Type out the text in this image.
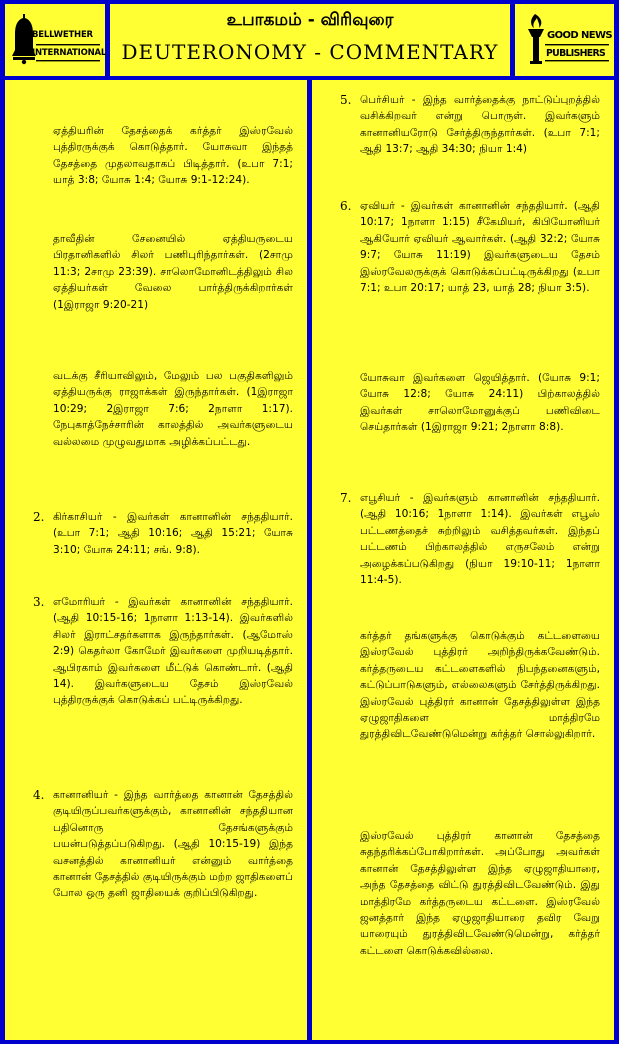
BELLWETHER
INTERNATIONAL
உபாகமம் - விரிவுரை
DEUTERONOMY - COMMENTARY
GOOD NEWS
PUBLISHERS

ஏத்தியரின் தேசத்தைக் கர்த்தர் இஸ்ரவேல் புத்திரருக்குக் கொடுத்தார். யோசுவா இந்தத் தேசத்தை முதலாவதாகப் பிடித்தார். (உபா 7:1; யாத் 3:8; யோசு 1:4; யோசு 9:1-12:24).

தாவீதின் சேனையில் ஏத்தியருடைய பிரதானிகளில் சிலர் பணிபுரிந்தார்கள். (2சாமு 11:3; 2சாமு 23:39). சாலொமோனிடத்திலும் சில ஏத்தியர்கள் வேலை பார்த்திருக்கிறார்கள் (1இராஜா 9:20-21)

வடக்கு சீரியாவிலும், மேலும் பல பகுதிகளிலும் ஏத்தியருக்கு ராஜாக்கள் இருந்தார்கள். (1இராஜா 10:29; 2இராஜா 7:6; 2நாளா 1:17). நேபுகாத்நேச்சாரின் காலத்தில் அவர்களுடைய வல்லமை முழுவதுமாக அழிக்கப்பட்டது.

2. கிர்காசியர் - இவர்கள் கானானின் சந்ததியார். (உபா 7:1; ஆதி 10:16; ஆதி 15:21; யோசு 3:10; யோசு 24:11; சங். 9:8).

3. எமோரியர் - இவர்கள் கானானின் சந்ததியார். (ஆதி 10:15-16; 1நாளா 1:13-14). இவர்களில் சிலர் இராட்சதர்களாக இருந்தார்கள். (ஆமோஸ் 2:9) கெதர்லா கோமேர் இவர்களை முறியடித்தார். ஆபிரகாம் இவர்களை மீட்டுக் கொண்டார். (ஆதி 14). இவர்களுடைய தேசம் இஸ்ரவேல் புத்திரருக்குக் கொடுக்கப் பட்டிருக்கிறது.

4. கானானியர் - இந்த வார்த்தை கானான் தேசத்தில் குடியிருப்பவர்களுக்கும், கானானின் சந்ததியான பதினொரு தேசங்களுக்கும் பயன்படுத்தப்படுகிறது. (ஆதி 10:15-19) இந்த வசனத்தில் கானானியர் என்னும் வார்த்தை கானான் தேசத்தில் குடியிருக்கும் மற்ற ஜாதிகளைப் போல ஒரு தனி ஜாதியைக் குறிப்பிடுகிறது.

5. பெர்சியர் - இந்த வார்த்தைக்கு நாட்டுப்புறத்தில் வசிக்கிறவர் என்று பொருள். இவர்களும் கானானியரோடு சேர்த்திருந்தார்கள். (உபா 7:1; ஆதி 13:7; ஆதி 34:30; நியா 1:4)

6. ஏவியர் - இவர்கள் கானானின் சந்ததியார். (ஆதி 10:17; 1நாளா 1:15) சீகேமியர், கிபியோனியர் ஆகியோர் ஏவியர் ஆவார்கள். (ஆதி 32:2; யோசு 9:7; யோசு 11:19) இவர்களுடைய தேசம் இஸ்ரவேலருக்குக் கொடுக்கப்பட்டிருக்கிறது (உபா 7:1; உபா 20:17; யாத் 23, யாத் 28; நியா 3:5).

யோசுவா இவர்களை ஜெயித்தார். (யோசு 9:1; யோசு 12:8; யோசு 24:11) பிற்காலத்தில் இவர்கள் சாலொமோனுக்குப் பணிவிடை செய்தார்கள் (1இராஜா 9:21; 2நாளா 8:8).

7. எபூசியர் - இவர்களும் கானானின் சந்ததியார். (ஆதி 10:16; 1நாளா 1:14). இவர்கள் எபூஸ் பட்டணத்தைச் சுற்றிலும் வசித்தவர்கள். இந்தப் பட்டணம் பிற்காலத்தில் எருசலேம் என்று அழைக்கப்படுகிறது (நியா 19:10-11; 1நாளா 11:4-5).

கர்த்தர் தங்களுக்கு கொடுக்கும் கட்டளையை இஸ்ரவேல் புத்திரர் அறிந்திருக்கவேண்டும். கர்த்தருடைய கட்டளைகளில் நிபந்தனைகளும், கட்டுப்பாடுகளும், எல்லைகளும் சேர்த்திருக்கிறது. இஸ்ரவேல் புத்திரர் கானான் தேசத்திலுள்ள இந்த ஏழுஜாதிகளை மாத்திரமே துரத்திவிடவேண்டுமென்று கர்த்தர் சொல்லுகிறார்.

இஸ்ரவேல் புத்திரர் கானான் தேசத்தை சுதந்தரிக்கப்போகிறார்கள். அப்போது அவர்கள் கானான் தேசத்திலுள்ள இந்த ஏழுஜாதியாரை, அந்த தேசத்தை விட்டு துரத்திவிடவேண்டும். இது மாத்திரமே கர்த்தருடைய கட்டளை. இஸ்ரவேல் ஜனத்தார் இந்த ஏழுஜாதியாரை தவிர வேறு யாரையும் துரத்திவிடவேண்டுமென்று, கர்த்தர் கட்டளை கொடுக்கவில்லை.
